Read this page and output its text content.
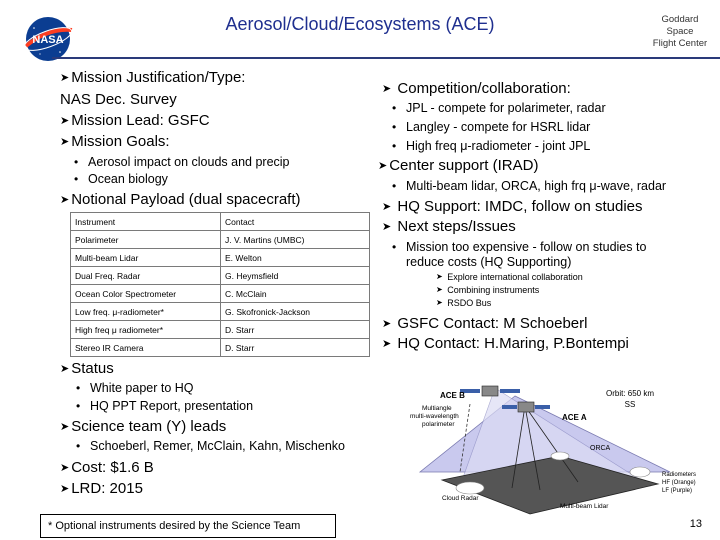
NASA
Aerosol/Cloud/Ecosystems (ACE)	Goddard
Space
Flight Center
➤ Mission Justification/Type:
NAS Dec. Survey
➤ Mission Lead: GSFC
➤ Mission Goals:
• Aerosol impact on clouds and precip
• Ocean biology
➤ Notional Payload (dual spacecraft)
Instrument	Contact
Polarimeter	J. V. Martins (UMBC)
Multi-beam Lidar	E. Welton
Dual Freq. Radar	G. Heymsfield
Ocean Color Spectrometer	C. McClain
Low freq. μ-radiometer*	G. Skofronick-Jackson
High freq μ radiometer*	D. Starr
Stereo IR Camera	D. Starr
➤ Competition/collaboration:
• JPL - compete for polarimeter, radar
• Langley - compete for HSRL lidar
• High freq μ-radiometer - joint JPL
➤ Center support (IRAD)
• Multi-beam lidar, ORCA, high frq μ-wave, radar
➤ HQ Support: IMDC, follow on studies
➤ Next steps/Issues
• Mission too expensive - follow on studies to
reduce costs (HQ Supporting)
➤ Explore international collaboration
➤ Combining instruments
➤ RSDO Bus
➤ GSFC Contact: M Schoeberl
➤ HQ Contact: H.Maring, P.Bontempi
➤ Status
• White paper to HQ
• HQ PPT Report, presentation
➤ Science team (Y) leads
• Schoeberl, Remer, McClain, Kahn, Mischenko
➤ Cost: $1.6 B
➤ LRD: 2015
ACE B
ACE A
Orbit: 650 km
SS
Multiangle
multi-wavelength
polarimeter
ORCA
Radiometers
HF (Orange)
LF (Purple)
Cloud Radar
Multi-beam Lidar
* Optional instruments desired by the Science Team	13
